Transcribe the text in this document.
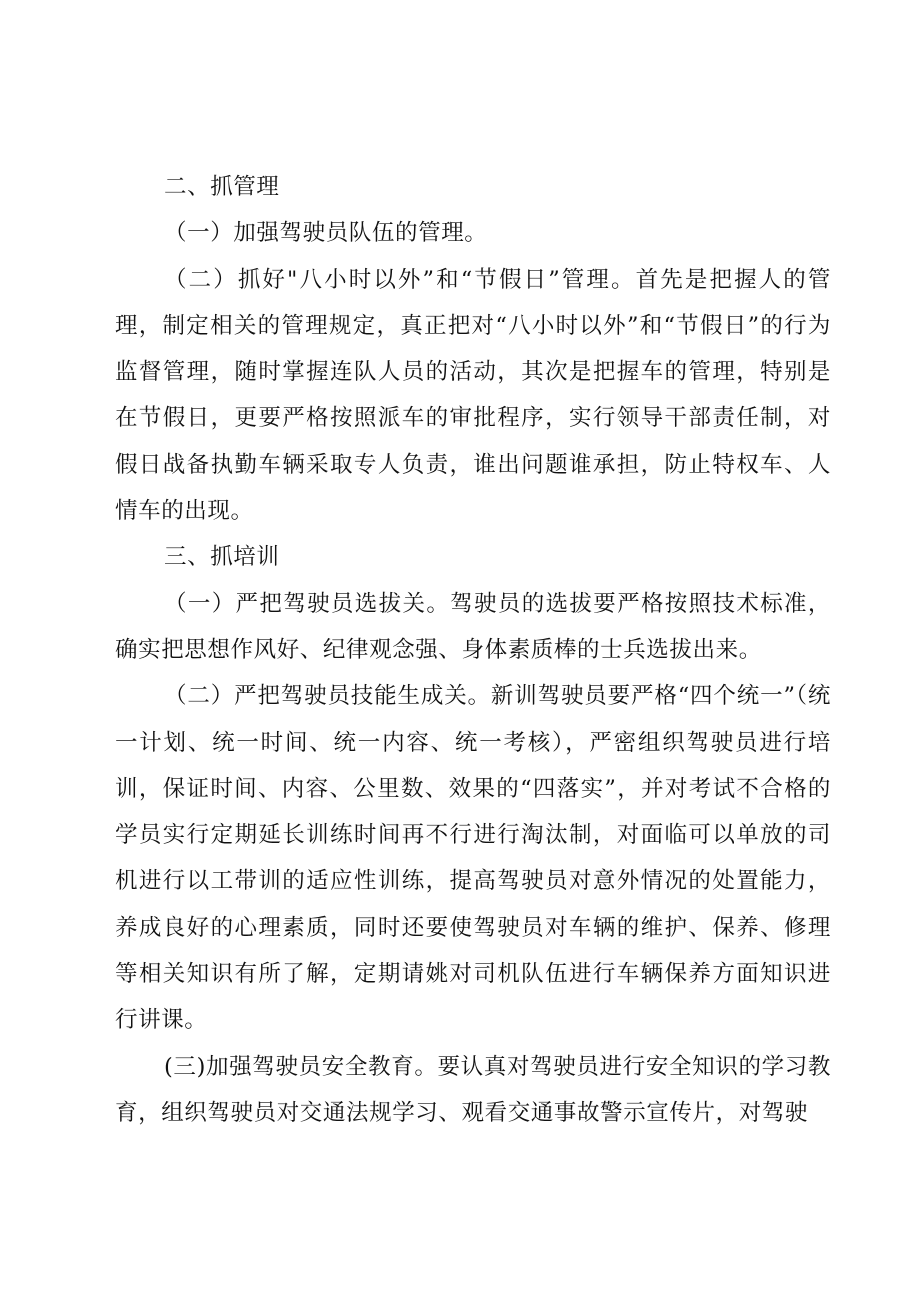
二、抓管理

（一）加强驾驶员队伍的管理。

（二）抓好"八小时以外”和“节假日”管理。首先是把握人的管理，制定相关的管理规定，真正把对“八小时以外”和“节假日”的行为监督管理，随时掌握连队人员的活动，其次是把握车的管理，特别是在节假日，更要严格按照派车的审批程序，实行领导干部责任制，对假日战备执勤车辆采取专人负责，谁出问题谁承担，防止特权车、人情车的出现。

三、抓培训

（一）严把驾驶员选拔关。驾驶员的选拔要严格按照技术标准，确实把思想作风好、纪律观念强、身体素质棒的士兵选拔出来。

（二）严把驾驶员技能生成关。新训驾驶员要严格“四个统一”（统一计划、统一时间、统一内容、统一考核），严密组织驾驶员进行培训，保证时间、内容、公里数、效果的“四落实”，并对考试不合格的学员实行定期延长训练时间再不行进行淘汰制，对面临可以单放的司机进行以工带训的适应性训练，提高驾驶员对意外情况的处置能力，养成良好的心理素质，同时还要使驾驶员对车辆的维护、保养、修理等相关知识有所了解，定期请姚对司机队伍进行车辆保养方面知识进行讲课。

(三)加强驾驶员安全教育。要认真对驾驶员进行安全知识的学习教育，组织驾驶员对交通法规学习、观看交通事故警示宣传片，对驾驶
